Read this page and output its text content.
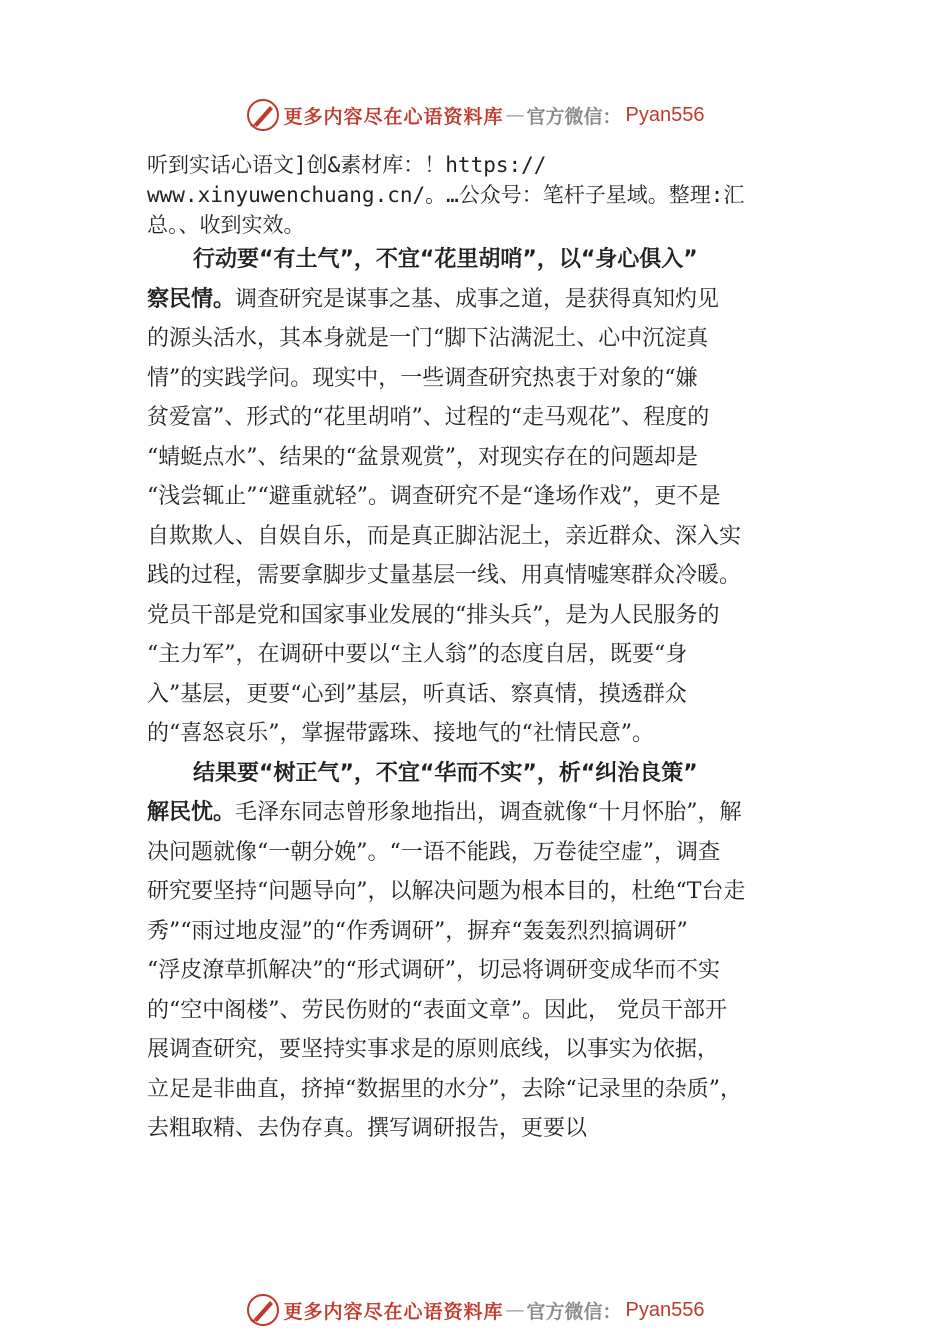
更多内容尽在心语资料库 — 官方微信： Pyan556
听到实话心语文]创&素材库：！https://
www.xinyuwenchuang.cn/。…公众号：笔杆子星域。整理:汇
总。、收到实效。
行动要“有土气”，不宜“花里胡哨”，以“身心俱入”
察民情。调查研究是谋事之基、成事之道，是获得真知灼见
的源头活水，其本身就是一门“脚下沾满泥土、心中沉淀真
情”的实践学问。现实中，一些调查研究热衷于对象的“嫌
贫爱富”、形式的“花里胡哨”、过程的“走马观花”、程度的
“蜻蜓点水”、结果的“盆景观赏”，对现实存在的问题却是
“浅尝辄止”“避重就轻”。调查研究不是“逢场作戏”，更不是
自欺欺人、自娱自乐，而是真正脚沾泥土，亲近群众、深入实
践的过程，需要拿脚步丈量基层一线、用真情嘘寒群众冷暖。
党员干部是党和国家事业发展的“排头兵”，是为人民服务的
“主力军”，在调研中要以“主人翁”的态度自居，既要“身
入”基层，更要“心到”基层，听真话、察真情，摸透群众
的“喜怒哀乐”，掌握带露珠、接地气的“社情民意”。
结果要“树正气”，不宜“华而不实”，析“纠治良策”
解民忧。毛泽东同志曾形象地指出，调查就像“十月怀胎”，解
决问题就像“一朝分娩”。“一语不能践，万卷徒空虚”，调查
研究要坚持“问题导向”，以解决问题为根本目的，杜绝“T台走
秀”“雨过地皮湿”的“作秀调研”，摒弃“轰轰烈烈搞调研”
“浮皮潦草抓解决”的“形式调研”，切忌将调研变成华而不实
的“空中阁楼”、劳民伤财的“表面文章”。因此， 党员干部开
展调查研究，要坚持实事求是的原则底线，以事实为依据，
立足是非曲直，挤掉“数据里的水分”，去除“记录里的杂质”，
去粗取精、去伪存真。撰写调研报告，更要以
更多内容尽在心语资料库 — 官方微信： Pyan556
